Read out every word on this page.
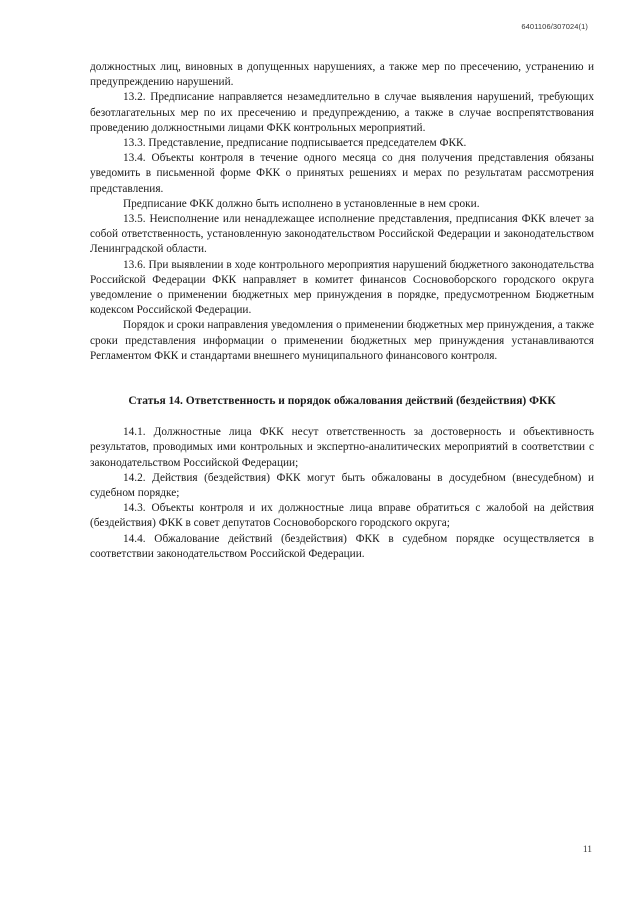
6401106/307024(1)

должностных лиц, виновных в допущенных нарушениях, а также мер по пресечению, устранению и предупреждению нарушений.

13.2. Предписание направляется незамедлительно в случае выявления нарушений, требующих безотлагательных мер по их пресечению и предупреждению, а также в случае воспрепятствования проведению должностными лицами ФКК контрольных мероприятий.

13.3. Представление, предписание подписывается председателем ФКК.

13.4. Объекты контроля в течение одного месяца со дня получения представления обязаны уведомить в письменной форме ФКК о принятых решениях и мерах по результатам рассмотрения представления.

Предписание ФКК должно быть исполнено в установленные в нем сроки.

13.5. Неисполнение или ненадлежащее исполнение представления, предписания ФКК влечет за собой ответственность, установленную законодательством Российской Федерации и законодательством Ленинградской области.

13.6. При выявлении в ходе контрольного мероприятия нарушений бюджетного законодательства Российской Федерации ФКК направляет в комитет финансов Сосновоборского городского округа уведомление о применении бюджетных мер принуждения в порядке, предусмотренном Бюджетным кодексом Российской Федерации.

Порядок и сроки направления уведомления о применении бюджетных мер принуждения, а также сроки представления информации о применении бюджетных мер принуждения устанавливаются Регламентом ФКК и стандартами внешнего муниципального финансового контроля.

Статья 14. Ответственность и порядок обжалования действий (бездействия) ФКК

14.1. Должностные лица ФКК несут ответственность за достоверность и объективность результатов, проводимых ими контрольных и экспертно-аналитических мероприятий в соответствии с законодательством Российской Федерации;

14.2. Действия (бездействия) ФКК могут быть обжалованы в досудебном (внесудебном) и судебном порядке;

14.3. Объекты контроля и их должностные лица вправе обратиться с жалобой на действия (бездействия) ФКК в совет депутатов Сосновоборского городского округа;

14.4. Обжалование действий (бездействия) ФКК в судебном порядке осуществляется в соответствии законодательством Российской Федерации.

11
